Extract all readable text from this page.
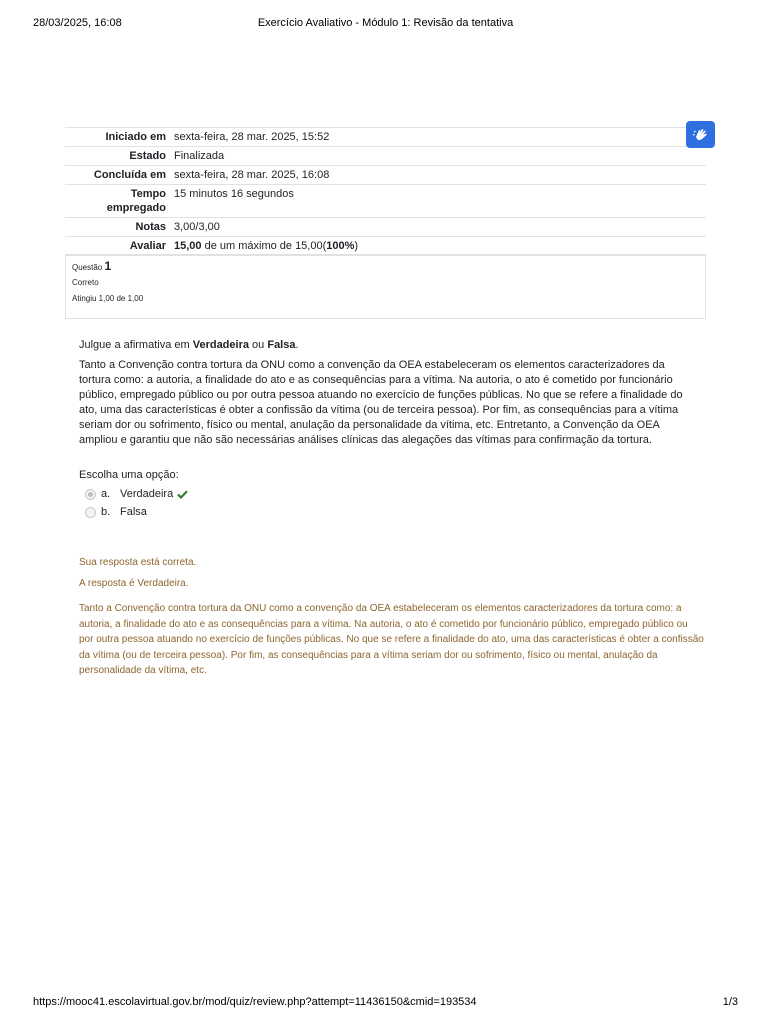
28/03/2025, 16:08	Exercício Avaliativo - Módulo 1: Revisão da tentativa
Iniciado em	sexta-feira, 28 mar. 2025, 15:52
Estado	Finalizada
Concluída em	sexta-feira, 28 mar. 2025, 16:08
Tempo empregado	15 minutos 16 segundos
Notas	3,00/3,00
Avaliar	15,00 de um máximo de 15,00(100%)
Questão 1
Correto
Atingiu 1,00 de 1,00

Julgue a afirmativa em Verdadeira ou Falsa.

Tanto a Convenção contra tortura da ONU como a convenção da OEA estabeleceram os elementos caracterizadores da tortura como: a autoria, a finalidade do ato e as consequências para a vítima. Na autoria, o ato é cometido por funcionário público, empregado público ou por outra pessoa atuando no exercício de funções públicas. No que se refere a finalidade do ato, uma das características é obter a confissão da vítima (ou de terceira pessoa). Por fim, as consequências para a vítima seriam dor ou sofrimento, físico ou mental, anulação da personalidade da vítima, etc. Entretanto, a Convenção da OEA ampliou e garantiu que não são necessárias análises clínicas das alegações das vítimas para confirmação da tortura.

Escolha uma opção:
a. Verdadeira
b. Falsa

Sua resposta está correta.

A resposta é Verdadeira.

Tanto a Convenção contra tortura da ONU como a convenção da OEA estabeleceram os elementos caracterizadores da tortura como: a autoria, a finalidade do ato e as consequências para a vítima. Na autoria, o ato é cometido por funcionário público, empregado público ou por outra pessoa atuando no exercício de funções públicas. No que se refere a finalidade do ato, uma das características é obter a confissão da vítima (ou de terceira pessoa). Por fim, as consequências para a vítima seriam dor ou sofrimento, físico ou mental, anulação da personalidade da vítima, etc.

https://mooc41.escolavirtual.gov.br/mod/quiz/review.php?attempt=11436150&cmid=193534	1/3
